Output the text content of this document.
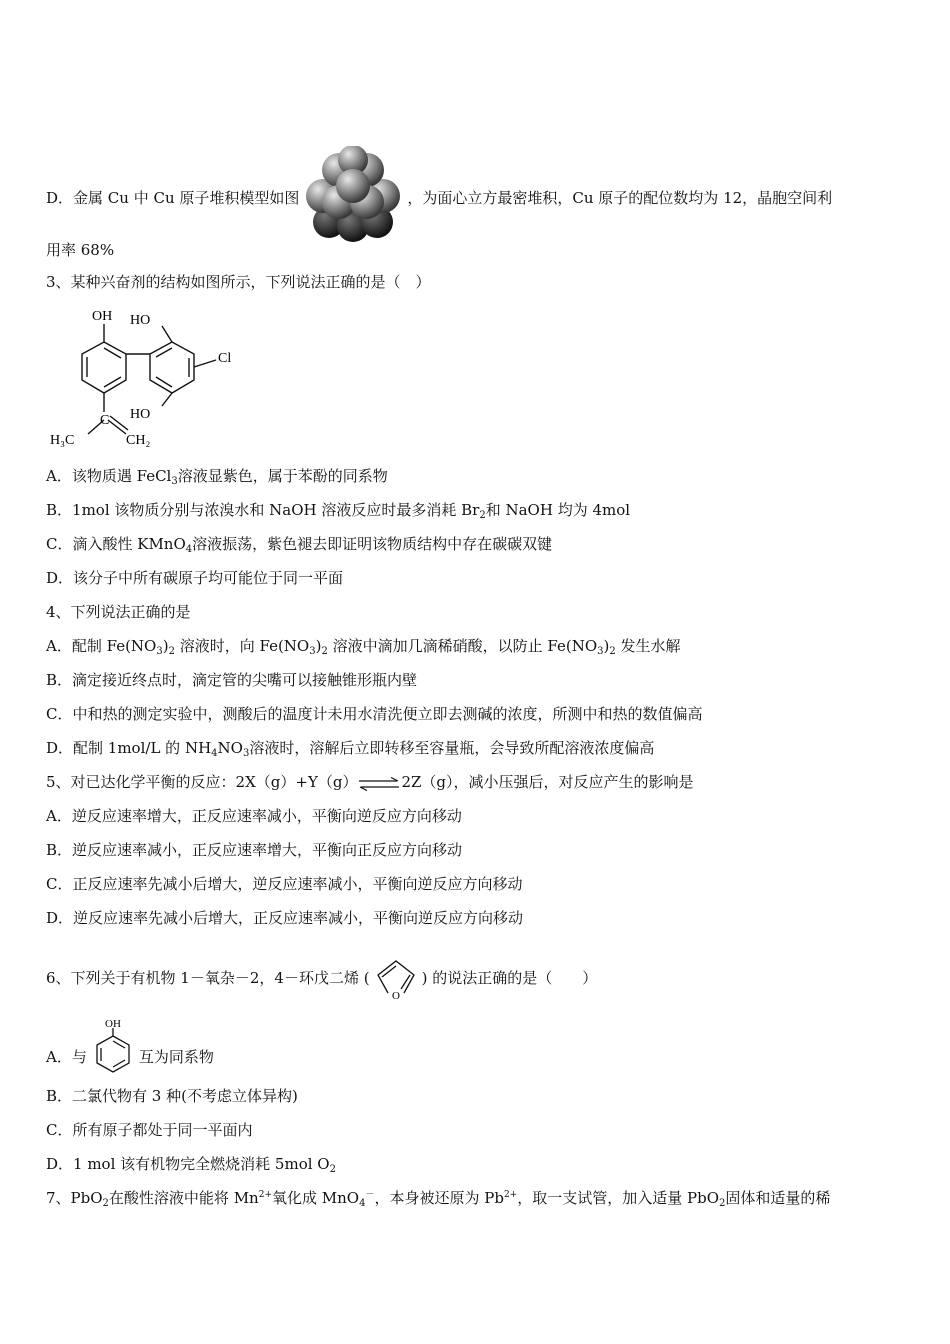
D．金属 Cu 中 Cu 原子堆积模型如图	，为面心立方最密堆积，Cu 原子的配位数均为 12，晶胞空间利
用率 68%
3、某种兴奋剂的结构如图所示，下列说法正确的是（　）
OH HO
Cl
HO
C
H₃C	CH₂
A．该物质遇 FeCl$_3$溶液显紫色，属于苯酚的同系物
B．1mol 该物质分别与浓溴水和 NaOH 溶液反应时最多消耗 $Br_2$和 NaOH 均为 4mol
C．滴入酸性 KMnO$_4$溶液振荡，紫色褪去即证明该物质结构中存在碳碳双键
D．该分子中所有碳原子均可能位于同一平面
4、下列说法正确的是
A．配制 $Fe(NO_3)_2$ 溶液时，向 $Fe(NO_3)_2$ 溶液中滴加几滴稀硝酸，以防止 $Fe(NO_3)_2$ 发生水解
B．滴定接近终点时，滴定管的尖嘴可以接触锥形瓶内壁
C．中和热的测定实验中，测酸后的温度计未用水清洗便立即去测碱的浓度，所测中和热的数值偏高
D．配制 1mol/L 的 $NH_4NO_3$溶液时，溶解后立即转移至容量瓶，会导致所配溶液浓度偏高
5、对已达化学平衡的反应：2X（g）+Y（g）⇌2Z（g），减小压强后，对反应产生的影响是
A．逆反应速率增大，正反应速率减小，平衡向逆反应方向移动
B．逆反应速率减小，正反应速率增大，平衡向正反应方向移动
C．正反应速率先减小后增大，逆反应速率减小，平衡向逆反应方向移动
D．逆反应速率先减小后增大，正反应速率减小，平衡向逆反应方向移动
6、下列关于有机物 1－氧杂－2，4－环戊二烯 (
O
) 的说法正确的是（　　）
A．与
OH
互为同系物
B．二氯代物有 3 种(不考虑立体异构)
C．所有原子都处于同一平面内
D．1 mol 该有机物完全燃烧消耗 5mol $O_2$
7、PbO$_2$在酸性溶液中能将 $Mn^{2+}$氧化成 MnO$_4$－，本身被还原为 $Pb^{2+}$，取一支试管，加入适量 PbO$_2$固体和适量的稀
